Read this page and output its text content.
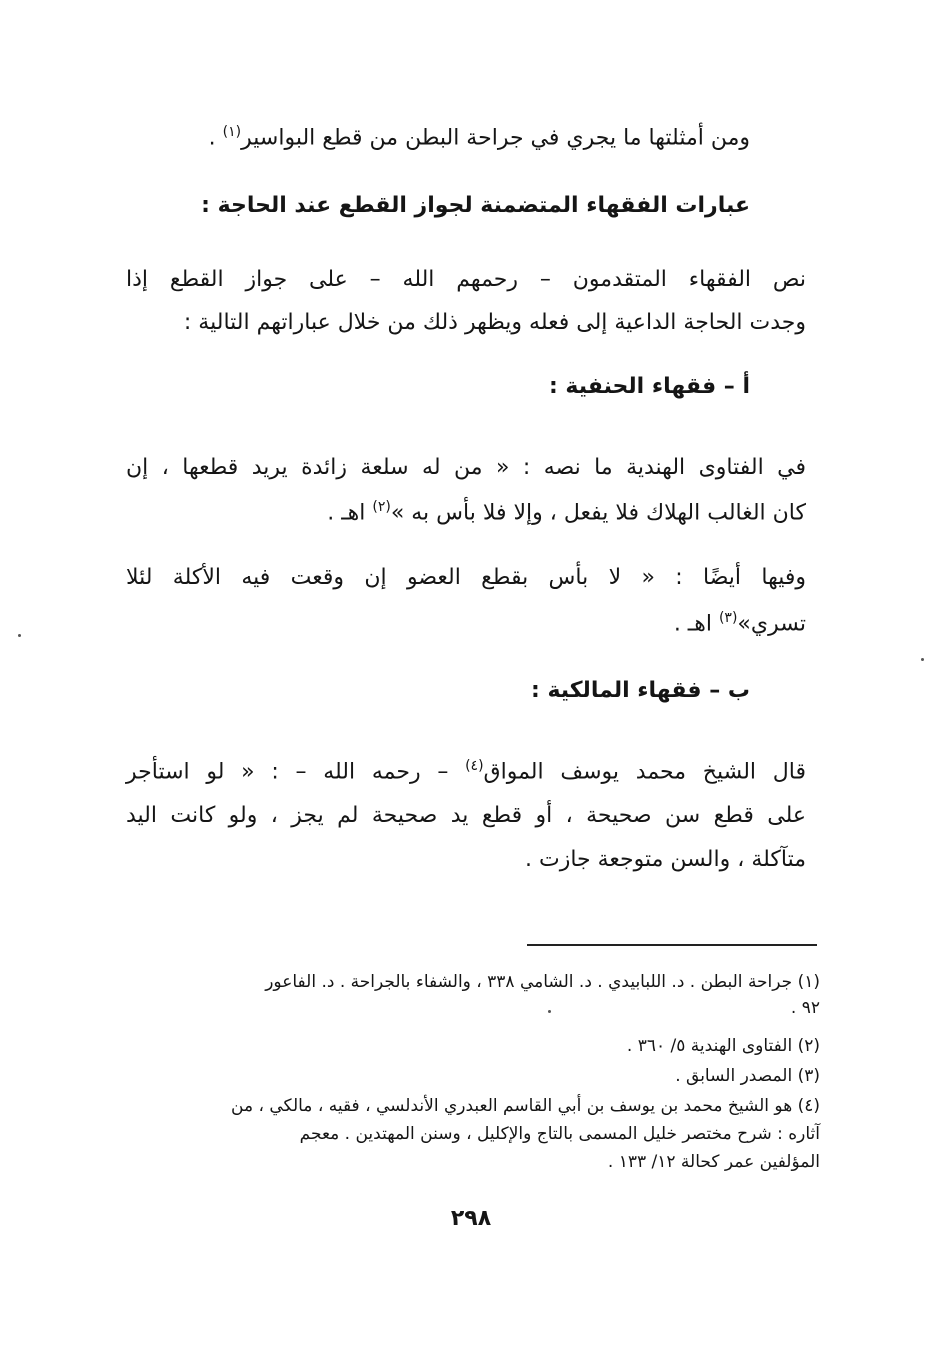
ومن أمثلتها ما يجري في جراحة البطن من قطع البواسير$^{(١)}$ .
عبارات الفقهاء المتضمنة لجواز القطع عند الحاجة :
نص الفقهاء المتقدمون – رحمهم الله – على جواز القطع إذا
وجدت الحاجة الداعية إلى فعله ويظهر ذلك من خلال عباراتهم التالية :
أ – فقهاء الحنفية :
في الفتاوى الهندية ما نصه : « من له سلعة زائدة يريد قطعها ، إن
كان الغالب الهلاك فلا يفعل ، وإلا فلا بأس به »$^{(٢)}$ اهـ .
وفيها أيضًا : « لا بأس بقطع العضو إن وقعت فيه الأكلة لئلا
تسري»$^{(٣)}$ اهـ .
ب – فقهاء المالكية :
قال الشيخ محمد يوسف المواق$^{(٤)}$ – رحمه الله – : « لو استأجر
على قطع سن صحيحة ، أو قطع يد صحيحة لم يجز ، ولو كانت اليد
متآكلة ، والسن متوجعة جازت .
(١) جراحة البطن . د. اللبابيدي . د. الشامي ٣٣٨ ، والشفاء بالجراحة . د. الفاعور
٩٢ .
(٢) الفتاوى الهندية ٥/ ٣٦٠ .
(٣) المصدر السابق .
(٤) هو الشيخ محمد بن يوسف بن أبي القاسم العبدري الأندلسي ، فقيه ، مالكي ، من
آثاره : شرح مختصر خليل المسمى بالتاج والإكليل ، وسنن المهتدين . معجم
المؤلفين عمر كحالة ١٢/ ١٣٣ .
٢٩٨
